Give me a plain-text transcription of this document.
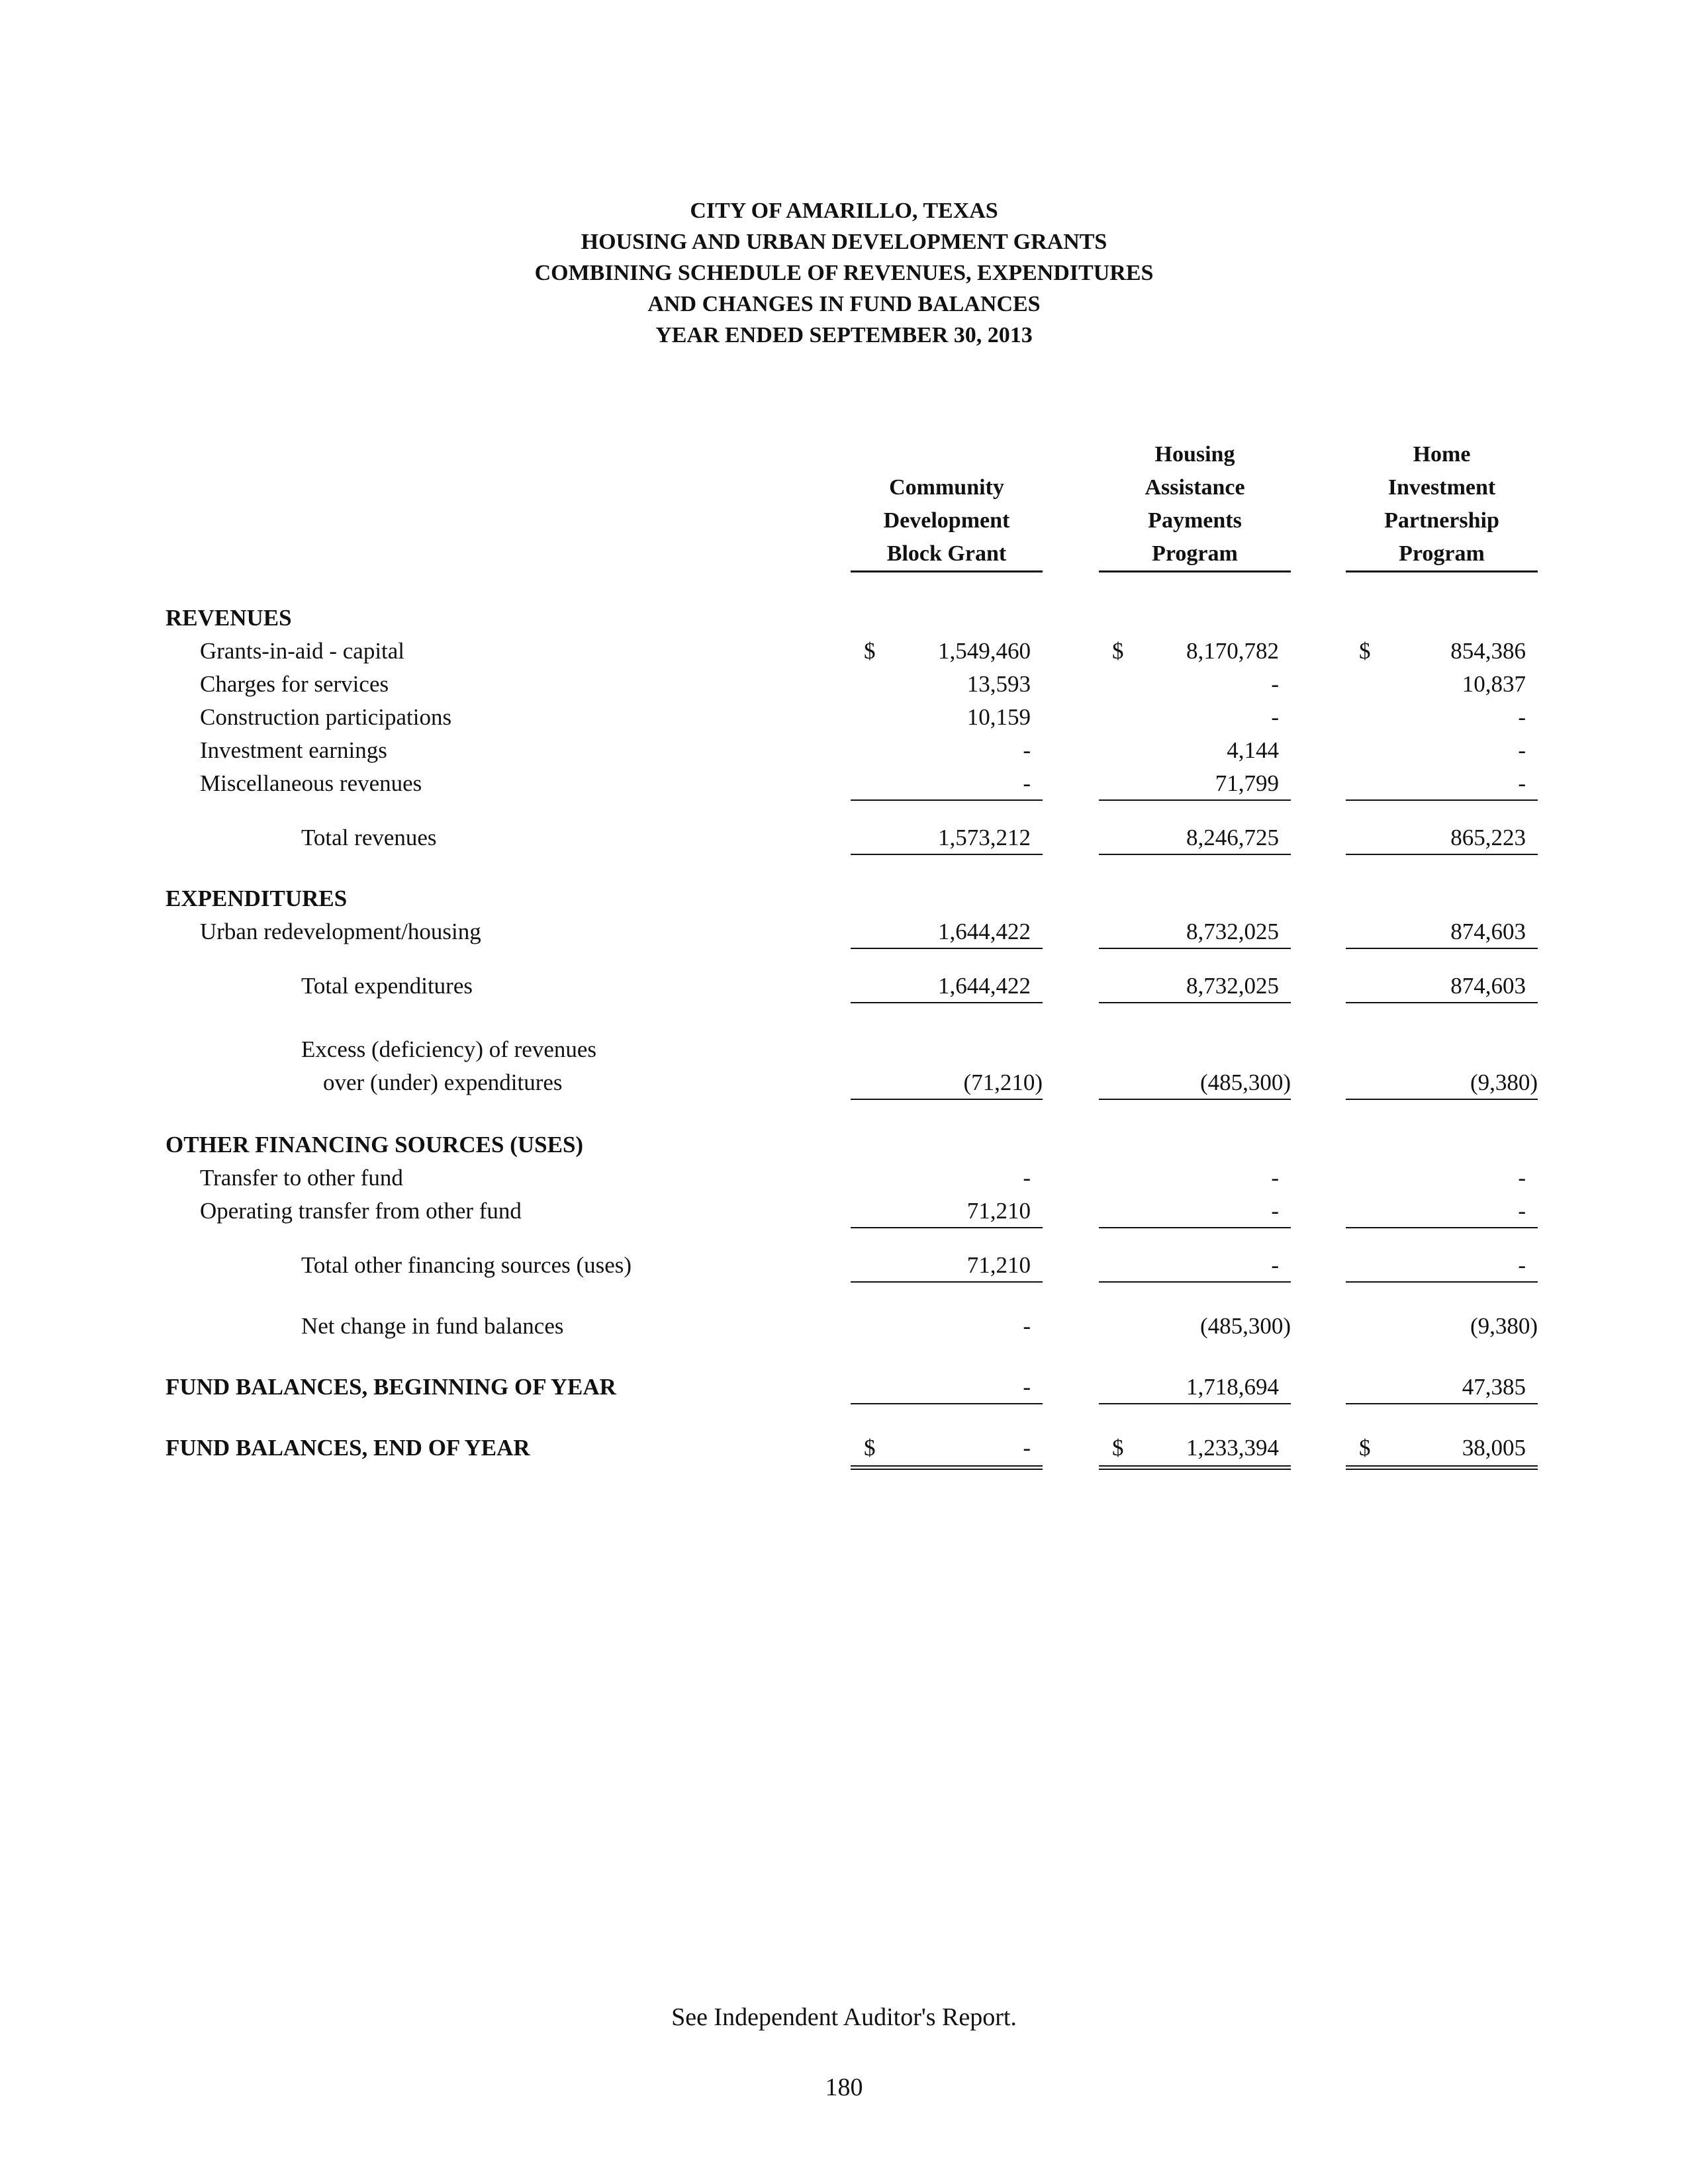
CITY OF AMARILLO, TEXAS
HOUSING AND URBAN DEVELOPMENT GRANTS
COMBINING SCHEDULE OF REVENUES, EXPENDITURES
AND CHANGES IN FUND BALANCES
YEAR ENDED SEPTEMBER 30, 2013
Community
Development
Block Grant
Housing
Assistance
Payments
Program
Home
Investment
Partnership
Program
REVENUES
Grants-in-aid - capital	$	1,549,460	$	8,170,782	$	854,386
Charges for services	13,593	-	10,837
Construction participations	10,159	-	-
Investment earnings	-	4,144	-
Miscellaneous revenues	-	71,799	-
Total revenues	1,573,212	8,246,725	865,223
EXPENDITURES
Urban redevelopment/housing	1,644,422	8,732,025	874,603
Total expenditures	1,644,422	8,732,025	874,603
Excess (deficiency) of revenues
over (under) expenditures	(71,210)	(485,300)	(9,380)
OTHER FINANCING SOURCES (USES)
Transfer to other fund	-	-	-
Operating transfer from other fund	71,210	-	-
Total other financing sources (uses)	71,210	-	-
Net change in fund balances	-	(485,300)	(9,380)
FUND BALANCES, BEGINNING OF YEAR	-	1,718,694	47,385
FUND BALANCES, END OF YEAR	$	-	$	1,233,394	$	38,005
See Independent Auditor's Report.
180
